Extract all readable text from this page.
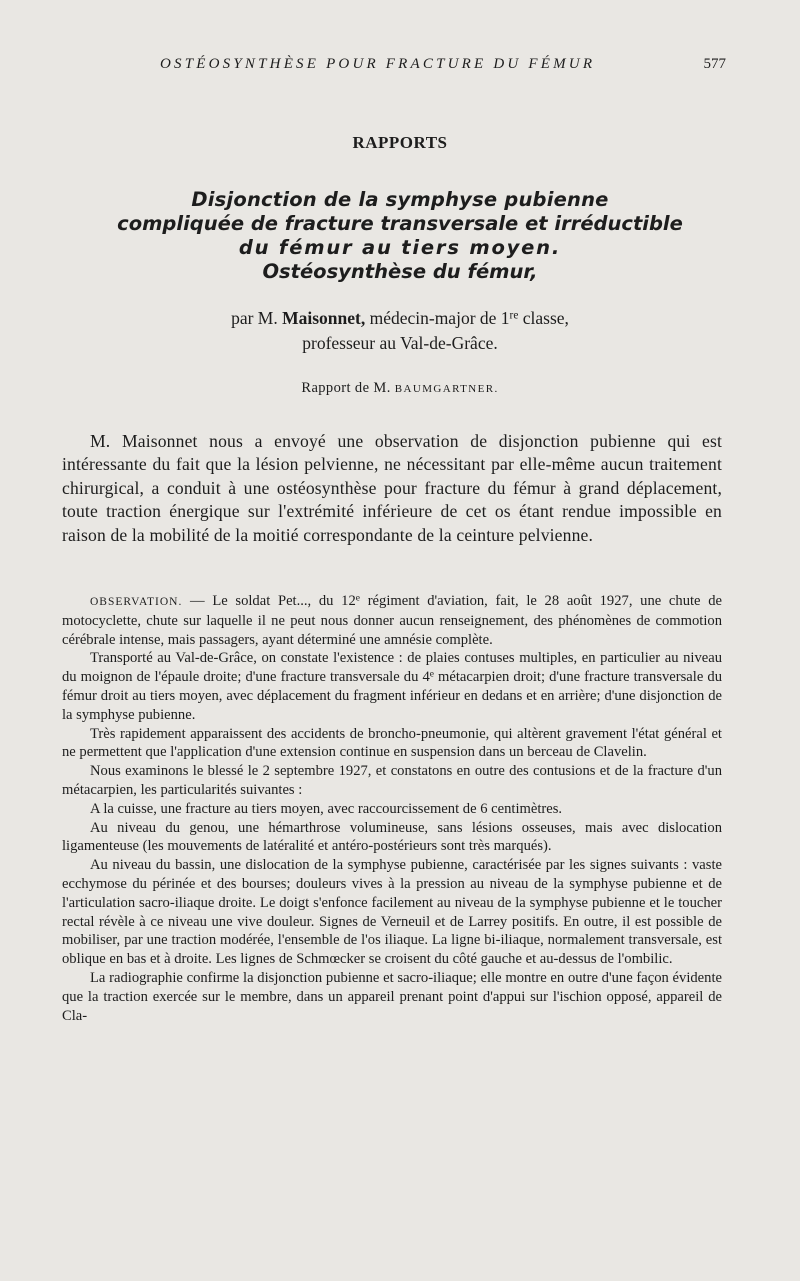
OSTÉOSYNTHÈSE POUR FRACTURE DU FÉMUR	577
RAPPORTS
Disjonction de la symphyse pubienne
compliquée de fracture transversale et irréductible
du fémur au tiers moyen.
Ostéosynthèse du fémur,
par M. Maisonnet, médecin-major de 1re classe,
professeur au Val-de-Grâce.
Rapport de M. BAUMGARTNER.

M. Maisonnet nous a envoyé une observation de disjonction pubienne qui est intéressante du fait que la lésion pelvienne, ne nécessitant par elle-même aucun traitement chirurgical, a conduit à une ostéosynthèse pour fracture du fémur à grand déplacement, toute traction énergique sur l'extrémité inférieure de cet os étant rendue impossible en raison de la mobilité de la moitié correspondante de la ceinture pelvienne.

OBSERVATION. — Le soldat Pet..., du 12e régiment d'aviation, fait, le 28 août 1927, une chute de motocyclette, chute sur laquelle il ne peut nous donner aucun renseignement, des phénomènes de commotion cérébrale intense, mais passagers, ayant déterminé une amnésie complète.

Transporté au Val-de-Grâce, on constate l'existence : de plaies contuses multiples, en particulier au niveau du moignon de l'épaule droite; d'une fracture transversale du 4e métacarpien droit; d'une fracture transversale du fémur droit au tiers moyen, avec déplacement du fragment inférieur en dedans et en arrière; d'une disjonction de la symphyse pubienne.

Très rapidement apparaissent des accidents de broncho-pneumonie, qui altèrent gravement l'état général et ne permettent que l'application d'une extension continue en suspension dans un berceau de Clavelin.

Nous examinons le blessé le 2 septembre 1927, et constatons en outre des contusions et de la fracture d'un métacarpien, les particularités suivantes :

A la cuisse, une fracture au tiers moyen, avec raccourcissement de 6 centimètres.

Au niveau du genou, une hémarthrose volumineuse, sans lésions osseuses, mais avec dislocation ligamenteuse (les mouvements de latéralité et antéro-postérieurs sont très marqués).

Au niveau du bassin, une dislocation de la symphyse pubienne, caractérisée par les signes suivants : vaste ecchymose du périnée et des bourses; douleurs vives à la pression au niveau de la symphyse pubienne et de l'articulation sacro-iliaque droite. Le doigt s'enfonce facilement au niveau de la symphyse pubienne et le toucher rectal révèle à ce niveau une vive douleur. Signes de Verneuil et de Larrey positifs. En outre, il est possible de mobiliser, par une traction modérée, l'ensemble de l'os iliaque. La ligne bi-iliaque, normalement transversale, est oblique en bas et à droite. Les lignes de Schmœcker se croisent du côté gauche et au-dessus de l'ombilic.

La radiographie confirme la disjonction pubienne et sacro-iliaque; elle montre en outre d'une façon évidente que la traction exercée sur le membre, dans un appareil prenant point d'appui sur l'ischion opposé, appareil de Cla-
